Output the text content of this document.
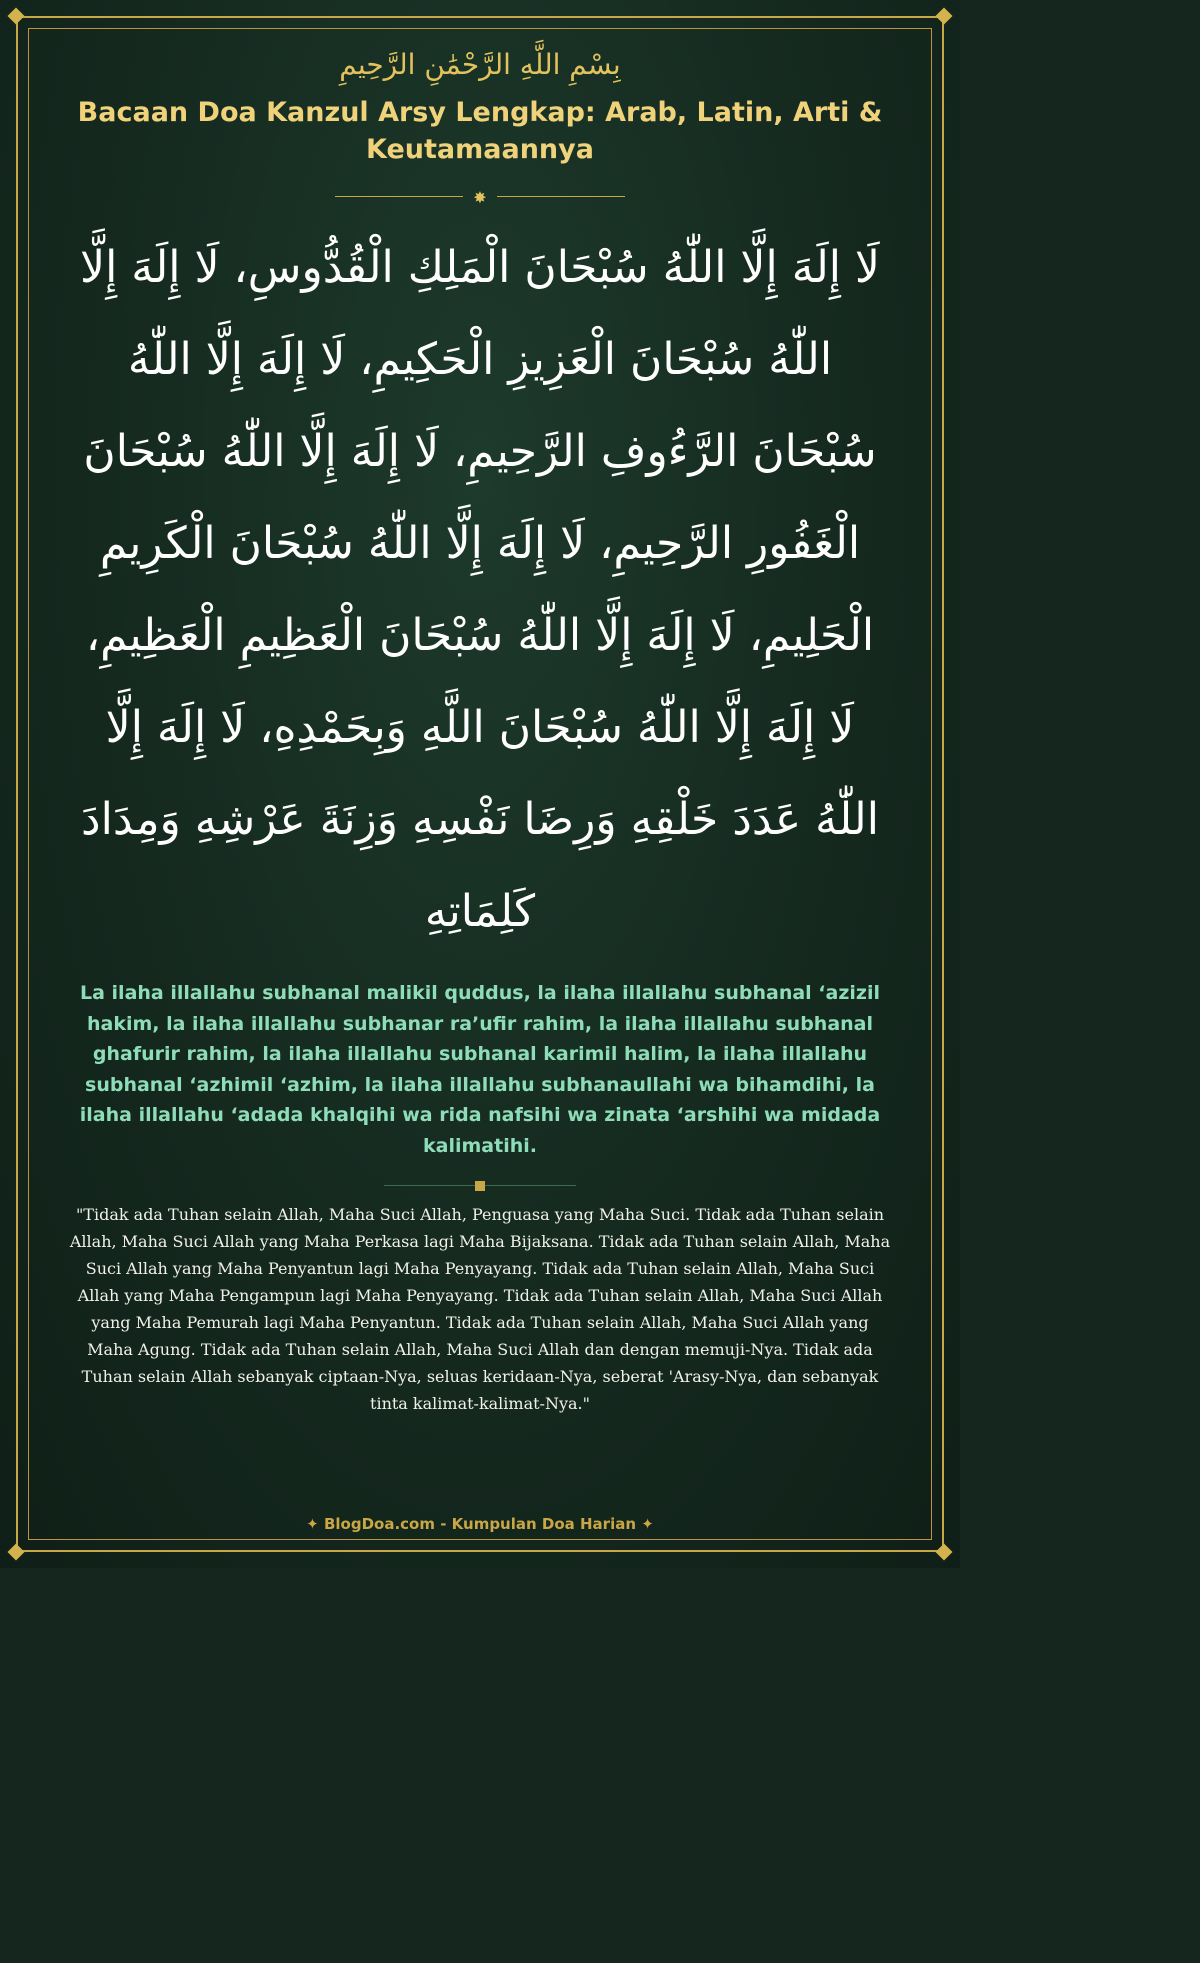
بِسْمِ اللَّهِ الرَّحْمَٰنِ الرَّحِيمِ
Bacaan Doa Kanzul Arsy Lengkap: Arab, Latin, Arti & Keutamaannya
✸
لَا إِلَهَ إِلَّا اللّٰهُ سُبْحَانَ الْمَلِكِ الْقُدُّوسِ، لَا إِلَهَ إِلَّا اللّٰهُ سُبْحَانَ الْعَزِيزِ الْحَكِيمِ، لَا إِلَهَ إِلَّا اللّٰهُ سُبْحَانَ الرَّءُوفِ الرَّحِيمِ، لَا إِلَهَ إِلَّا اللّٰهُ سُبْحَانَ الْغَفُورِ الرَّحِيمِ، لَا إِلَهَ إِلَّا اللّٰهُ سُبْحَانَ الْكَرِيمِ الْحَلِيمِ، لَا إِلَهَ إِلَّا اللّٰهُ سُبْحَانَ الْعَظِيمِ الْعَظِيمِ، لَا إِلَهَ إِلَّا اللّٰهُ سُبْحَانَ اللَّهِ وَبِحَمْدِهِ، لَا إِلَهَ إِلَّا اللّٰهُ عَدَدَ خَلْقِهِ وَرِضَا نَفْسِهِ وَزِنَةَ عَرْشِهِ وَمِدَادَ كَلِمَاتِهِ
La ilaha illallahu subhanal malikil quddus, la ilaha illallahu subhanal ‘azizil hakim, la ilaha illallahu subhanar ra’ufir rahim, la ilaha illallahu subhanal ghafurir rahim, la ilaha illallahu subhanal karimil halim, la ilaha illallahu subhanal ‘azhimil ‘azhim, la ilaha illallahu subhanaullahi wa bihamdihi, la ilaha illallahu ‘adada khalqihi wa rida nafsihi wa zinata ‘arshihi wa midada kalimatihi.
"Tidak ada Tuhan selain Allah, Maha Suci Allah, Penguasa yang Maha Suci. Tidak ada Tuhan selain Allah, Maha Suci Allah yang Maha Perkasa lagi Maha Bijaksana. Tidak ada Tuhan selain Allah, Maha Suci Allah yang Maha Penyantun lagi Maha Penyayang. Tidak ada Tuhan selain Allah, Maha Suci Allah yang Maha Pengampun lagi Maha Penyayang. Tidak ada Tuhan selain Allah, Maha Suci Allah yang Maha Pemurah lagi Maha Penyantun. Tidak ada Tuhan selain Allah, Maha Suci Allah yang Maha Agung. Tidak ada Tuhan selain Allah, Maha Suci Allah dan dengan memuji-Nya. Tidak ada Tuhan selain Allah sebanyak ciptaan-Nya, seluas keridaan-Nya, seberat 'Arasy-Nya, dan sebanyak tinta kalimat-kalimat-Nya."
✦ BlogDoa.com - Kumpulan Doa Harian ✦
